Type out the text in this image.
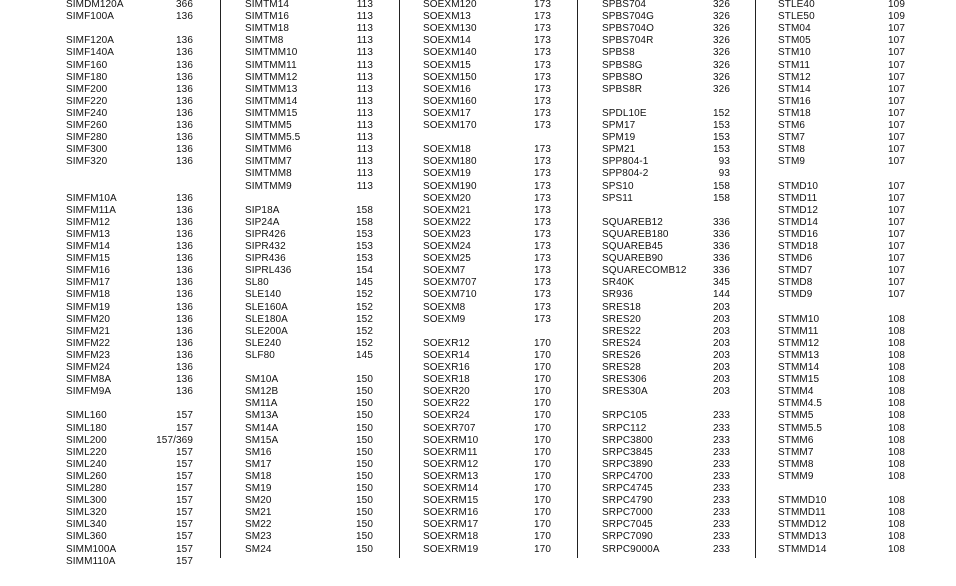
SIMDM120A	366
SIMF100A	136
SIMF120A	136
SIMF140A	136
SIMF160	136
SIMF180	136
SIMF200	136
SIMF220	136
SIMF240	136
SIMF260	136
SIMF280	136
SIMF300	136
SIMF320	136
SIMFM10A	136
SIMFM11A	136
SIMFM12	136
SIMFM13	136
SIMFM14	136
SIMFM15	136
SIMFM16	136
SIMFM17	136
SIMFM18	136
SIMFM19	136
SIMFM20	136
SIMFM21	136
SIMFM22	136
SIMFM23	136
SIMFM24	136
SIMFM8A	136
SIMFM9A	136
SIML160	157
SIML180	157
SIML200	157/369
SIML220	157
SIML240	157
SIML260	157
SIML280	157
SIML300	157
SIML320	157
SIML340	157
SIML360	157
SIMM100A	157
SIMM110A	157
SIMTM14	113
SIMTM16	113
SIMTM18	113
SIMTM8	113
SIMTMM10	113
SIMTMM11	113
SIMTMM12	113
SIMTMM13	113
SIMTMM14	113
SIMTMM15	113
SIMTMM5	113
SIMTMM5.5	113
SIMTMM6	113
SIMTMM7	113
SIMTMM8	113
SIMTMM9	113
SIP18A	158
SIP24A	158
SIPR426	153
SIPR432	153
SIPR436	153
SIPRL436	154
SL80	145
SLE140	152
SLE160A	152
SLE180A	152
SLE200A	152
SLE240	152
SLF80	145
SM10A	150
SM12B	150
SM11A	150
SM13A	150
SM14A	150
SM15A	150
SM16	150
SM17	150
SM18	150
SM19	150
SM20	150
SM21	150
SM22	150
SM23	150
SM24	150
SOEXM120	173
SOEXM13	173
SOEXM130	173
SOEXM14	173
SOEXM140	173
SOEXM15	173
SOEXM150	173
SOEXM16	173
SOEXM160	173
SOEXM17	173
SOEXM170	173
SOEXM18	173
SOEXM180	173
SOEXM19	173
SOEXM190	173
SOEXM20	173
SOEXM21	173
SOEXM22	173
SOEXM23	173
SOEXM24	173
SOEXM25	173
SOEXM7	173
SOEXM707	173
SOEXM710	173
SOEXM8	173
SOEXM9	173
SOEXR12	170
SOEXR14	170
SOEXR16	170
SOEXR18	170
SOEXR20	170
SOEXR22	170
SOEXR24	170
SOEXR707	170
SOEXRM10	170
SOEXRM11	170
SOEXRM12	170
SOEXRM13	170
SOEXRM14	170
SOEXRM15	170
SOEXRM16	170
SOEXRM17	170
SOEXRM18	170
SOEXRM19	170
SPBS704	326
SPBS704G	326
SPBS704O	326
SPBS704R	326
SPBS8	326
SPBS8G	326
SPBS8O	326
SPBS8R	326
SPDL10E	152
SPM17	153
SPM19	153
SPM21	153
SPP804-1	93
SPP804-2	93
SPS10	158
SPS11	158
SQUAREB12	336
SQUAREB180	336
SQUAREB45	336
SQUAREB90	336
SQUARECOMB12	336
SR40K	345
SR936	144
SRES18	203
SRES20	203
SRES22	203
SRES24	203
SRES26	203
SRES28	203
SRES306	203
SRES30A	203
SRPC105	233
SRPC112	233
SRPC3800	233
SRPC3845	233
SRPC3890	233
SRPC4700	233
SRPC4745	233
SRPC4790	233
SRPC7000	233
SRPC7045	233
SRPC7090	233
SRPC9000A	233
STLE40	109
STLE50	109
STM04	107
STM05	107
STM10	107
STM11	107
STM12	107
STM14	107
STM16	107
STM18	107
STM6	107
STM7	107
STM8	107
STM9	107
STMD10	107
STMD11	107
STMD12	107
STMD14	107
STMD16	107
STMD18	107
STMD6	107
STMD7	107
STMD8	107
STMD9	107
STMM10	108
STMM11	108
STMM12	108
STMM13	108
STMM14	108
STMM15	108
STMM4	108
STMM4.5	108
STMM5	108
STMM5.5	108
STMM6	108
STMM7	108
STMM8	108
STMM9	108
STMMD10	108
STMMD11	108
STMMD12	108
STMMD13	108
STMMD14	108
